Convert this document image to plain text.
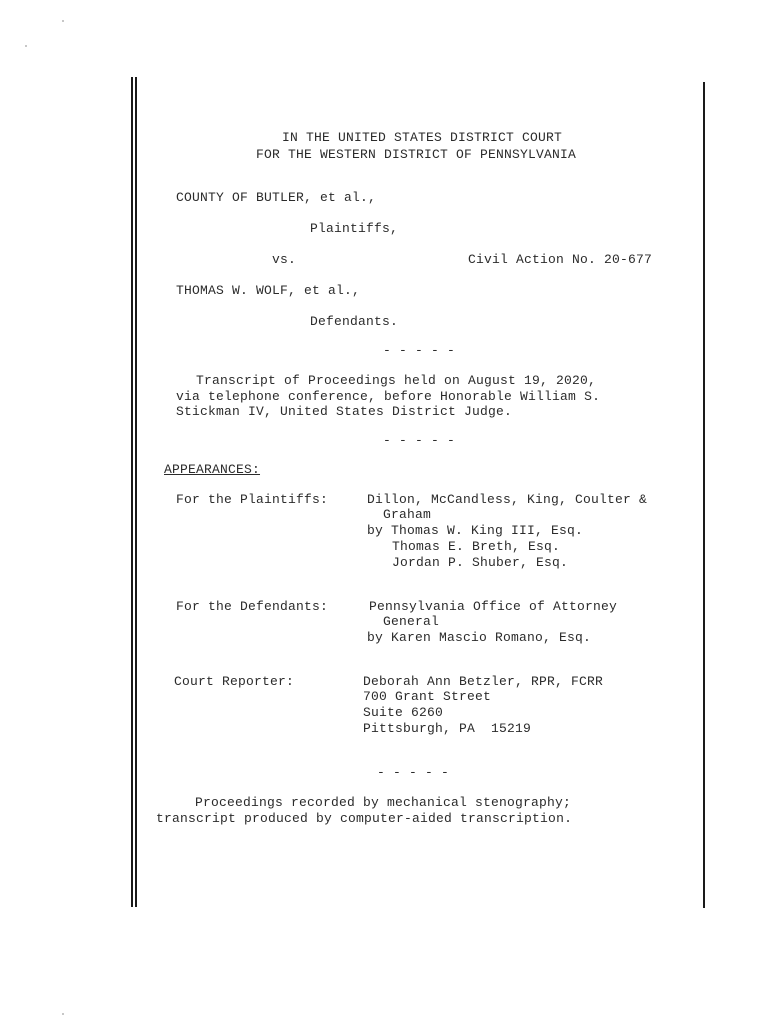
IN THE UNITED STATES DISTRICT COURT
FOR THE WESTERN DISTRICT OF PENNSYLVANIA
COUNTY OF BUTLER, et al.,
Plaintiffs,
vs.	Civil Action No. 20-677
THOMAS W. WOLF, et al.,
Defendants.
- - - - -
Transcript of Proceedings held on August 19, 2020,
via telephone conference, before Honorable William S.
Stickman IV, United States District Judge.
- - - - -
APPEARANCES:
For the Plaintiffs:	Dillon, McCandless, King, Coulter &
Graham
by Thomas W. King III, Esq.
Thomas E. Breth, Esq.
Jordan P. Shuber, Esq.
For the Defendants:	Pennsylvania Office of Attorney
General
by Karen Mascio Romano, Esq.
Court Reporter:	Deborah Ann Betzler, RPR, FCRR
700 Grant Street
Suite 6260
Pittsburgh, PA  15219
- - - - -
Proceedings recorded by mechanical stenography;
transcript produced by computer-aided transcription.
